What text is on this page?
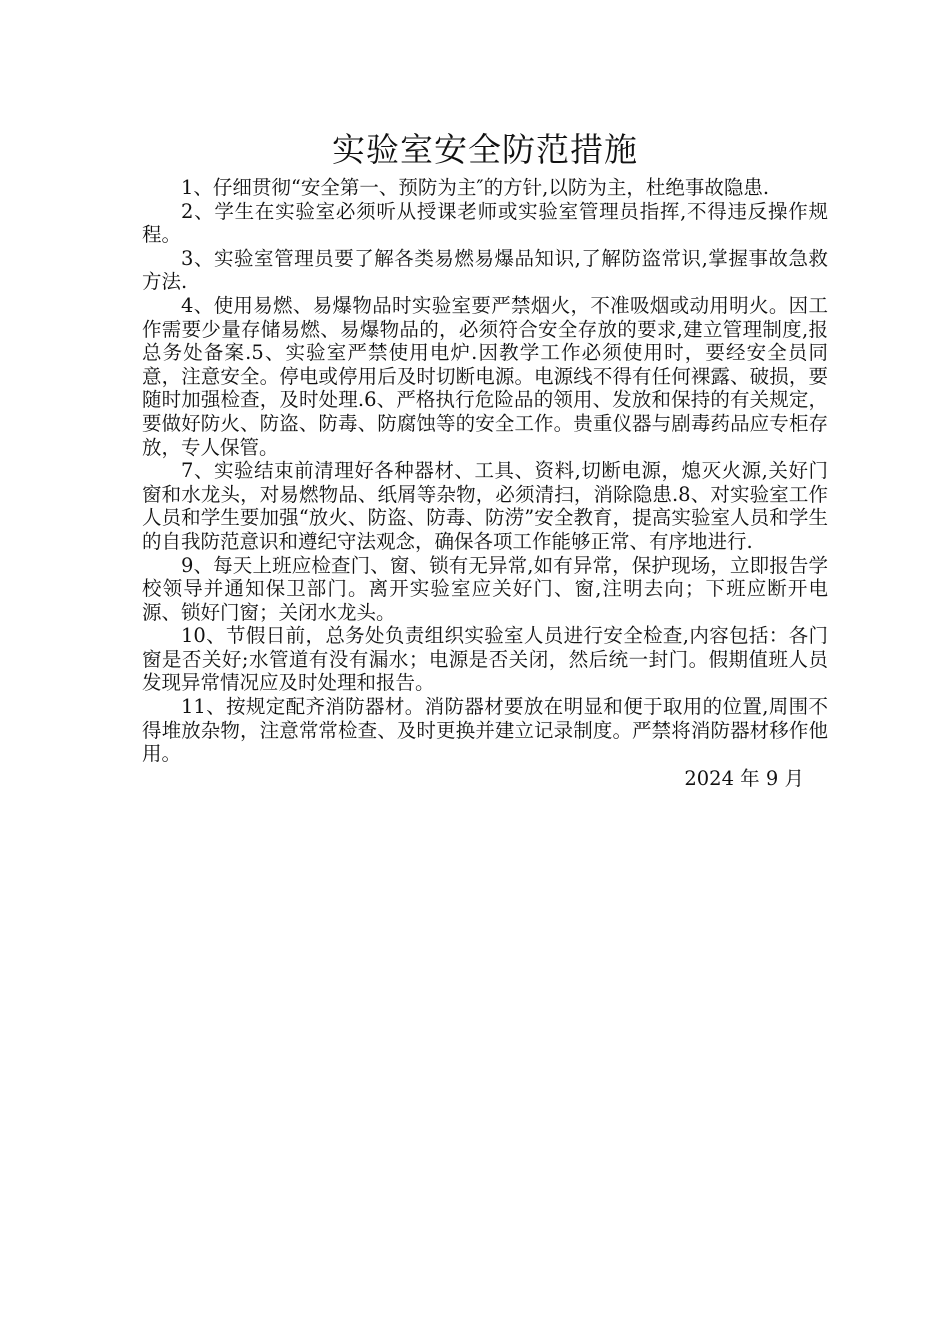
实验室安全防范措施

1、仔细贯彻“安全第一、预防为主″的方针,以防为主，杜绝事故隐患.

2、学生在实验室必须听从授课老师或实验室管理员指挥,不得违反操作规程。

3、实验室管理员要了解各类易燃易爆品知识,了解防盗常识,掌握事故急救方法.

4、使用易燃、易爆物品时实验室要严禁烟火，不准吸烟或动用明火。因工作需要少量存储易燃、易爆物品的，必须符合安全存放的要求,建立管理制度,报总务处备案.5、实验室严禁使用电炉.因教学工作必须使用时，要经安全员同意，注意安全。停电或停用后及时切断电源。电源线不得有任何裸露、破损，要随时加强检查，及时处理.6、严格执行危险品的领用、发放和保持的有关规定，要做好防火、防盗、防毒、防腐蚀等的安全工作。贵重仪器与剧毒药品应专柜存放，专人保管。

7、实验结束前清理好各种器材、工具、资料,切断电源，熄灭火源,关好门窗和水龙头，对易燃物品、纸屑等杂物，必须清扫，消除隐患.8、对实验室工作人员和学生要加强“放火、防盗、防毒、防涝”安全教育，提高实验室人员和学生的自我防范意识和遵纪守法观念，确保各项工作能够正常、有序地进行.

9、每天上班应检查门、窗、锁有无异常,如有异常，保护现场，立即报告学校领导并通知保卫部门。离开实验室应关好门、窗,注明去向；下班应断开电源、锁好门窗；关闭水龙头。

10、节假日前，总务处负责组织实验室人员进行安全检查,内容包括：各门窗是否关好;水管道有没有漏水；电源是否关闭，然后统一封门。假期值班人员发现异常情况应及时处理和报告。

11、按规定配齐消防器材。消防器材要放在明显和便于取用的位置,周围不得堆放杂物，注意常常检查、及时更换并建立记录制度。严禁将消防器材移作他用。

2024 年 9 月
